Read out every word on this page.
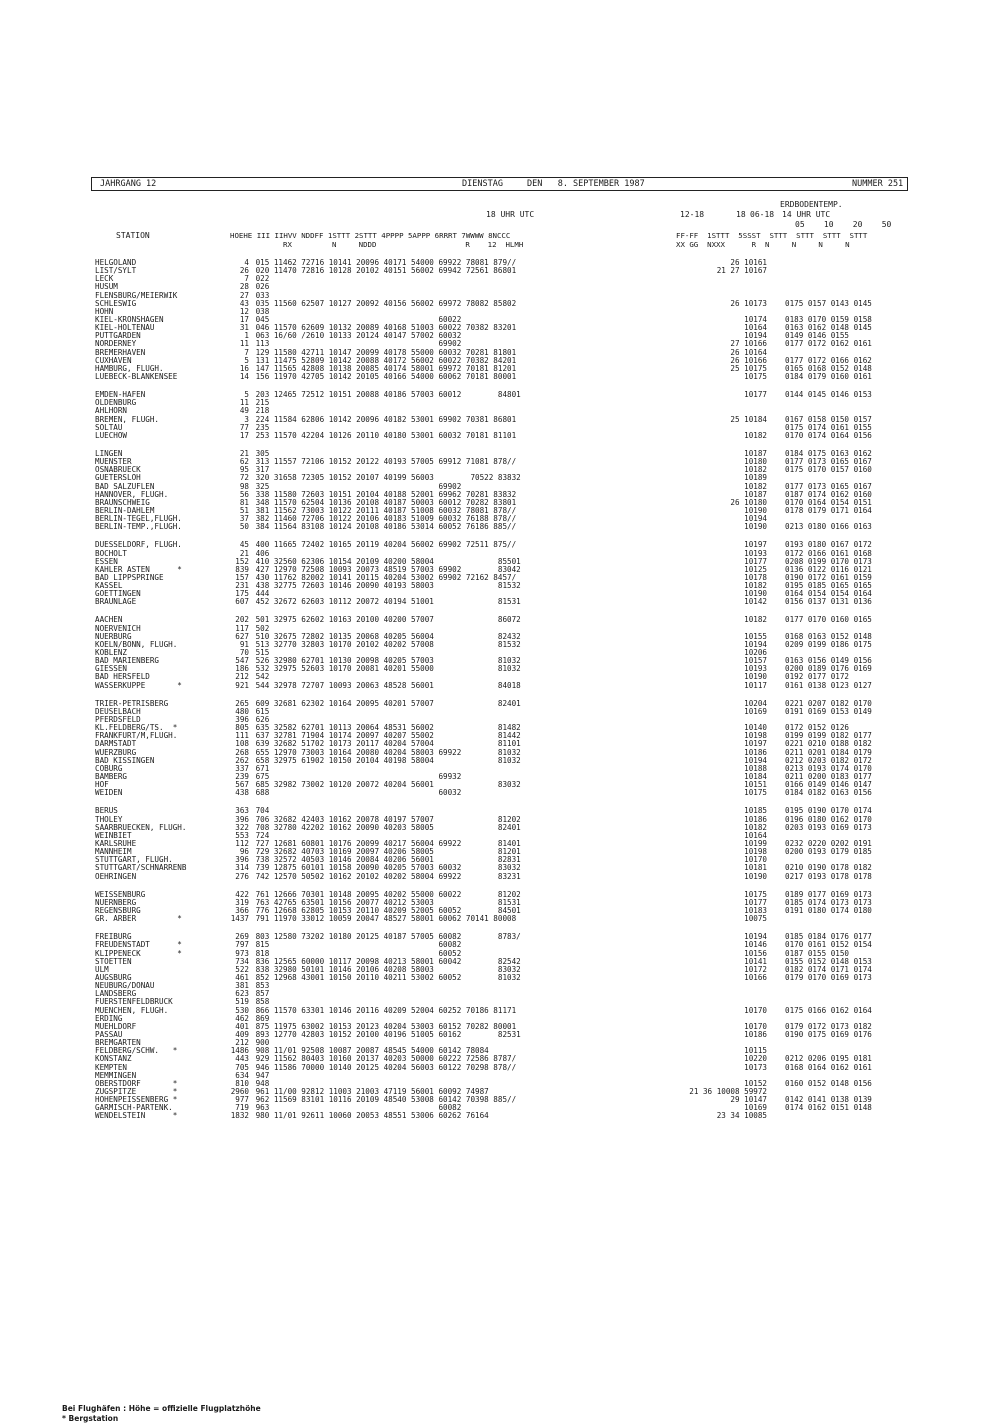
JAHRGANG 12	DIENSTAG	DEN   8. SEPTEMBER 1987	NUMMER 251
ERDBODENTEMP.
18 UHR UTC	12-18	18 06-18 14 UHR UTC
05    10    20    50
STATION	HOEHE III IIHVV NDDFF 1STTT 2STTT 4PPPP 5APPP 6RRRT 7WWWW 8NCCC
RX         N     NDDD                    R    12  HLMH
FF-FF  1STTT  5SSST  STTT  STTT  STTT  STTT
XX GG  NXXX      R  N     N     N     N
HELGOLAND	4 015 11462 72716 10141 20096 40171 54000 69922 78081 879//	26 10161
LIST/SYLT	26 020 11470 72816 10128 20102 40151 56002 69942 72561 86801	21 27 10167
LECK	7 022
HUSUM	28 026
FLENSBURG/MEIERWIK	27 033
SCHLESWIG	43 035 11560 62507 10127 20092 40156 56002 69972 78082 85802	26 10173 0175 0157 0143 0145
HOHN	12 038
KIEL-KRONSHAGEN	17 045                                     60022	10174 0183 0170 0159 0158
KIEL-HOLTENAU	31 046 11570 62609 10132 20089 40168 51003 60022 70382 83201	10164 0163 0162 0148 0145
PUTTGARDEN	1 063 16/60 /2610 10133 20124 40147 57002 60032	10194 0149 0146 0155
NORDERNEY	11 113                                     69902	27 10166 0177 0172 0162 0161
BREMERHAVEN	7 129 11580 42711 10147 20099 40178 55000 60032 70281 81801	26 10164
CUXHAVEN	5 131 11475 52809 10142 20088 40172 56002 60022 70382 84201	26 10166 0177 0172 0166 0162
HAMBURG, FLUGH.	16 147 11565 42808 10138 20085 40174 58001 69972 70181 81201	25 10175 0165 0168 0152 0148
LUEBECK-BLANKENSEE	14 156 11970 42705 10142 20105 40166 54000 60062 70181 80001	10175 0184 0179 0160 0161
EMDEN-HAFEN	5 203 12465 72512 10151 20088 40186 57003 60012        84801	10177 0144 0145 0146 0153
OLDENBURG	11 215
AHLHORN	49 218
BREMEN, FLUGH.	3 224 11584 62806 10142 20096 40182 53001 69902 70381 86801	25 10184 0167 0158 0150 0157
SOLTAU	77 235	0175 0174 0161 0155
LUECHOW	17 253 11570 42204 10126 20110 40180 53001 60032 70181 81101	10182 0170 0174 0164 0156
LINGEN	21 305	10187 0184 0175 0163 0162
MUENSTER	62 313 11557 72106 10152 20122 40193 57005 69912 71081 878//	10180 0177 0173 0165 0167
OSNABRUECK	95 317	10182 0175 0170 0157 0160
GUETERSLOH	72 320 31658 72305 10152 20107 40199 56003        70522 83832	10189
BAD SALZUFLEN	98 325                                     69902	10182 0177 0173 0165 0167
HANNOVER, FLUGH.	56 338 11580 72603 10151 20104 40188 52001 69962 70281 83832	10187 0187 0174 0162 0160
BRAUNSCHWEIG	81 348 11570 62504 10136 20108 40187 50003 60012 70282 83801	26 10180 0170 0164 0154 0151
BERLIN-DAHLEM	51 381 11562 73003 10122 20111 40187 51008 60032 78081 878//	10190 0178 0179 0171 0164
BERLIN-TEGEL,FLUGH.	37 382 11460 72706 10122 20106 40183 51009 60032 76188 878//	10194
BERLIN-TEMP.,FLUGH.	50 384 11564 83108 10124 20108 40186 53014 60052 76186 885//	10190 0213 0180 0166 0163
DUESSELDORF, FLUGH.	45 400 11665 72402 10165 20119 40204 56002 69902 72511 875//	10197 0193 0180 0167 0172
BOCHOLT	21 406	10193 0172 0166 0161 0168
ESSEN	152 410 32560 62306 10154 20109 40200 58004              85501	10177 0208 0199 0170 0173
KAHLER ASTEN      *	839 427 12970 72508 10093 20073 48519 57003 69902        83042	10125 0136 0122 0116 0121
BAD LIPPSPRINGE	157 430 11762 82002 10141 20115 40204 53002 69902 72162 8457/	10178 0190 0172 0161 0159
KASSEL	231 438 32775 72603 10146 20090 40193 58003              81532	10182 0195 0185 0165 0165
GOETTINGEN	175 444	10190 0164 0154 0154 0164
BRAUNLAGE	607 452 32672 62603 10112 20072 40194 51001              81531	10142 0156 0137 0131 0136
AACHEN	202 501 32975 62602 10163 20100 40200 57007              86072	10182 0177 0170 0160 0165
NOERVENICH	117 502
NUERBURG	627 510 32675 72802 10135 20068 40205 56004              82432	10155 0168 0163 0152 0148
KOELN/BONN, FLUGH.	91 513 32770 32803 10170 20102 40202 57008              81532	10194 0209 0199 0186 0175
KOBLENZ	70 515	10206
BAD MARIENBERG	547 526 32980 62701 10130 20098 40205 57003              81032	10157 0163 0156 0149 0156
GIESSEN	186 532 32975 52603 10170 20081 40201 55000              81032	10193 0200 0189 0176 0169
BAD HERSFELD	212 542	10190 0192 0177 0172
WASSERKUPPE       *	921 544 32978 72707 10093 20063 48528 56001              84018	10117 0161 0138 0123 0127
TRIER-PETRISBERG	265 609 32681 62302 10164 20095 40201 57007              82401	10204 0221 0207 0182 0170
DEUSELBACH	480 615	10169 0191 0169 0153 0149
PFERDSFELD	396 626
KL.FELDBERG/TS.  *	805 635 32582 62701 10113 20064 48531 56002              81482	10140 0172 0152 0126
FRANKFURT/M,FLUGH.	111 637 32781 71904 10174 20097 40207 55002              81442	10198 0199 0199 0182 0177
DARMSTADT	108 639 32682 51702 10173 20117 40204 57004              81101	10197 0221 0210 0188 0182
WUERZBURG	268 655 12970 73003 10164 20080 40204 58003 69922        81032	10186 0211 0201 0184 0179
BAD KISSINGEN	262 658 32975 61902 10150 20104 40198 58004              81032	10194 0212 0203 0182 0172
COBURG	337 671	10188 0213 0193 0174 0170
BAMBERG	239 675                                     69932	10184 0211 0200 0183 0177
HOF	567 685 32982 73002 10120 20072 40204 56001              83032	10151 0166 0149 0146 0147
WEIDEN	438 688                                     60032	10175 0184 0182 0163 0156
BERUS	363 704	10185 0195 0190 0170 0174
THOLEY	396 706 32682 42403 10162 20078 40197 57007              81202	10186 0196 0180 0162 0170
SAARBRUECKEN, FLUGH.	322 708 32780 42202 10162 20090 40203 58005              82401	10182 0203 0193 0169 0173
WEINBIET	553 724	10164
KARLSRUHE	112 727 12681 60801 10176 20099 40217 56004 69922        81401	10199 0232 0220 0202 0191
MANNHEIM	96 729 32682 40703 10169 20097 40206 58005              81201	10198 0200 0193 0179 0185
STUTTGART, FLUGH.	396 738 32572 40503 10146 20084 40206 56001              82831	10170
STUTTGART/SCHNARRENB	314 739 12875 60101 10158 20090 40205 57003 60032        83032	10181 0210 0190 0178 0182
OEHRINGEN	276 742 12570 50502 10162 20102 40202 58004 69922        83231	10190 0217 0193 0178 0178
WEISSENBURG	422 761 12666 70301 10148 20095 40202 55000 60022        81202	10175 0189 0177 0169 0173
NUERNBERG	319 763 42765 63501 10156 20077 40212 53003              81531	10177 0185 0174 0173 0173
REGENSBURG	366 776 12668 62805 10153 20110 40209 52005 60052        84501	10183 0191 0180 0174 0180
GR. ARBER         *	1437 791 11970 33012 10059 20047 48527 58001 60062 70141 80008	10075
FREIBURG	269 803 12580 73202 10180 20125 40187 57005 60082        8783/	10194 0185 0184 0176 0177
FREUDENSTADT      *	797 815                                     60082	10146 0170 0161 0152 0154
KLIPPENECK        *	973 818                                     60052	10156 0187 0155 0150
STOETTEN	734 836 12565 60000 10117 20098 40213 58001 60042        82542	10141 0155 0152 0148 0153
ULM	522 838 32980 50101 10146 20106 40208 58003              83032	10172 0182 0174 0171 0174
AUGSBURG	461 852 12968 43001 10150 20110 40211 53002 60052        81032	10166 0179 0170 0169 0173
NEUBURG/DONAU	381 853
LANDSBERG	623 857
FUERSTENFELDBRUCK	519 858
MUENCHEN, FLUGH.	530 866 11570 63301 10146 20116 40209 52004 60252 70186 81171	10170 0175 0166 0162 0164
ERDING	462 869
MUEHLDORF	401 875 11975 63002 10153 20123 40204 53003 60152 70282 80001	10170 0179 0172 0173 0182
PASSAU	409 893 12770 42803 10152 20100 40196 51005 60162        82531	10186 0190 0175 0169 0176
BREMGARTEN	212 900
FELDBERG/SCHW.   *	1486 908 11/01 92508 10087 20087 48545 54000 60142 78084	10115
KONSTANZ	443 929 11562 80403 10160 20137 40203 50000 60222 72586 8787/	10220 0212 0206 0195 0181
KEMPTEN	705 946 11586 70000 10140 20125 40204 56003 60122 70298 878//	10173 0168 0164 0162 0161
MEMMINGEN	634 947
OBERSTDORF       *	810 948	10152 0160 0152 0148 0156
ZUGSPITZE        *	2960 961 11/00 92812 11003 21003 47119 56001 60092 74987	21 36 10008 59972
HOHENPEISSENBERG *	977 962 11569 83101 10116 20109 48540 53008 60142 70398 885//	29 10147 0142 0141 0138 0139
GARMISCH-PARTENK.	719 963                                     60082	10169 0174 0162 0151 0148
WENDELSTEIN      *	1832 980 11/01 92611 10060 20053 48551 53006 60262 76164	23 34 10085
Bei Flughäfen : Höhe = offizielle Flugplatzhöhe
* Bergstation
